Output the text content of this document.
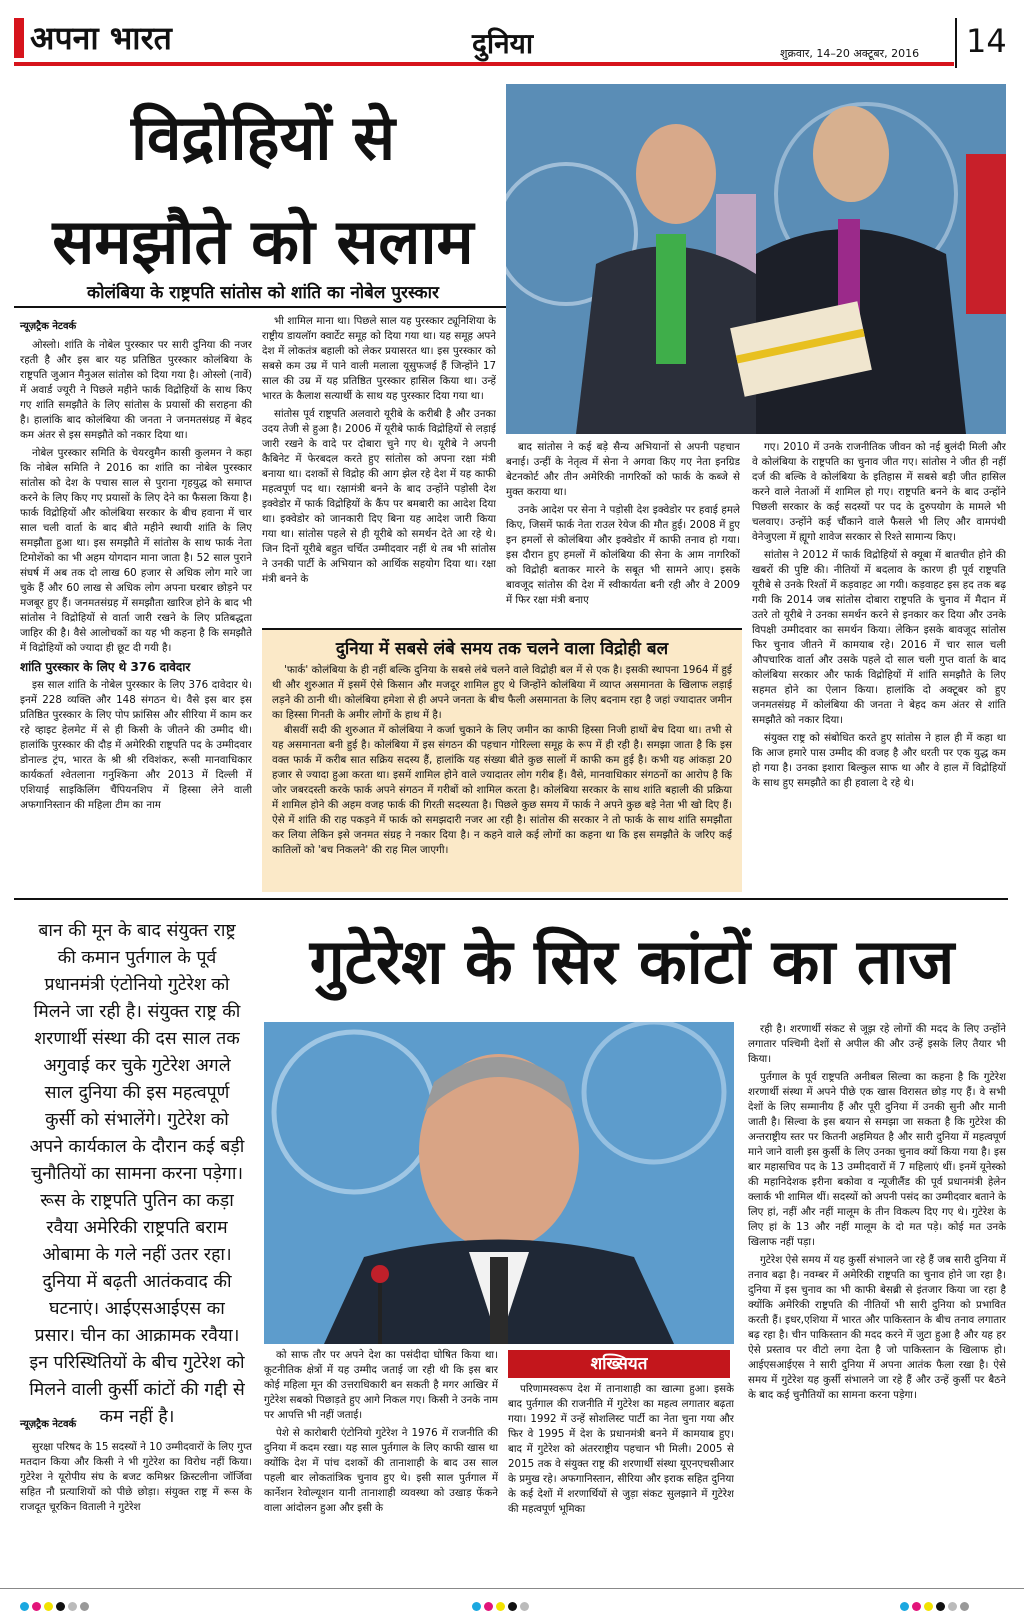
अपना भारत	दुनिया	शुक्रवार, 14–20 अक्टूबर, 2016 14
विद्रोहियों से
समझौते को सलाम
कोलंबिया के राष्ट्रपति सांतोस को शांति का नोबेल पुरस्कार
न्यूज़ट्रैक नेटवर्क

ओस्लो। शांति के नोबेल पुरस्कार पर सारी दुनिया की नजर रहती है और इस बार यह प्रतिष्ठित पुरस्कार कोलंबिया के राष्ट्रपति जुआन मैनुअल सांतोस को दिया गया है। ओस्लो (नार्वे) में अवार्ड ज्यूरी ने पिछले महीने फार्क विद्रोहियों के साथ किए गए शांति समझौते के लिए सांतोस के प्रयासों की सराहना की है। हालांकि बाद कोलंबिया की जनता ने जनमतसंग्रह में बेहद कम अंतर से इस समझौते को नकार दिया था।

नोबेल पुरस्कार समिति के चेयरवुमैन कासी कुलमन ने कहा कि नोबेल समिति ने 2016 का शांति का नोबेल पुरस्कार सांतोस को देश के पचास साल से पुराना गृहयुद्ध को समाप्त करने के लिए किए गए प्रयासों के लिए देने का फैसला किया है। फार्क विद्रोहियों और कोलंबिया सरकार के बीच हवाना में चार साल चली वार्ता के बाद बीते महीने स्थायी शांति के लिए समझौता हुआ था। इस समझौते में सांतोस के साथ फार्क नेता टिमोशेंको का भी अहम योगदान माना जाता है। 52 साल पुराने संघर्ष में अब तक दो लाख 60 हजार से अधिक लोग मारे जा चुके हैं और 60 लाख से अधिक लोग अपना घरबार छोड़ने पर मजबूर हुए हैं। जनमतसंग्रह में समझौता खारिज होने के बाद भी सांतोस ने विद्रोहियों से वार्ता जारी रखने के लिए प्रतिबद्धता जाहिर की है। वैसे आलोचकों का यह भी कहना है कि समझौते में विद्रोहियों को ज्यादा ही छूट दी गयी है।

शांति पुरस्कार के लिए थे 376 दावेदार

इस साल शांति के नोबेल पुरस्कार के लिए 376 दावेदार थे। इनमें 228 व्यक्ति और 148 संगठन थे। वैसे इस बार इस प्रतिष्ठित पुरस्कार के लिए पोप फ्रांसिस और सीरिया में काम कर रहे व्हाइट हेलमेट में से ही किसी के जीतने की उम्मीद थी। हालांकि पुरस्कार की दौड़ में अमेरिकी राष्ट्रपति पद के उम्मीदवार डोनाल्ड ट्रंप, भारत के श्री श्री रविशंकर, रूसी मानवाधिकार कार्यकर्ता श्वेतलाना गनुश्किना और 2013 में दिल्ली में एशियाई साइकिलिंग चैंपियनशिप में हिस्सा लेने वाली अफगानिस्तान की महिला टीम का नाम

भी शामिल माना था। पिछले साल यह पुरस्कार ट्यूनिशिया के राष्ट्रीय डायलॉग क्वार्टेट समूह को दिया गया था। यह समूह अपने देश में लोकतंत्र बहाली को लेकर प्रयासरत था। इस पुरस्कार को सबसे कम उम्र में पाने वाली मलाला यूसुफजई हैं जिन्होंने 17 साल की उम्र में यह प्रतिष्ठित पुरस्कार हासिल किया था। उन्हें भारत के कैलाश सत्यार्थी के साथ यह पुरस्कार दिया गया था।

सांतोस पूर्व राष्ट्रपति अलवारो यूरीबे के करीबी है और उनका उदय तेजी से हुआ है। 2006 में यूरीबे फार्क विद्रोहियों से लड़ाई जारी रखने के वादे पर दोबारा चुने गए थे। यूरीबे ने अपनी कैबिनेट में फेरबदल करते हुए सांतोस को अपना रक्षा मंत्री बनाया था। दशकों से विद्रोह की आग झेल रहे देश में यह काफी महत्वपूर्ण पद था। रक्षामंत्री बनने के बाद उन्होंने पड़ोसी देश इक्वेडोर में फार्क विद्रोहियों के कैंप पर बमबारी का आदेश दिया था। इक्वेडोर को जानकारी दिए बिना यह आदेश जारी किया गया था। सांतोस पहले से ही यूरीबे को समर्थन देते आ रहे थे। जिन दिनों यूरीबे बहुत चर्चित उम्मीदवार नहीं थे तब भी सांतोस ने उनकी पार्टी के अभियान को आर्थिक सहयोग दिया था। रक्षा मंत्री बनने के

बाद सांतोस ने कई बड़े सैन्य अभियानों से अपनी पहचान बनाई। उन्हीं के नेतृत्व में सेना ने अगवा किए गए नेता इनग्रिड बेटनकोर्ट और तीन अमेरिकी नागरिकों को फार्क के कब्जे से मुक्त कराया था।

उनके आदेश पर सेना ने पड़ोसी देश इक्वेडोर पर हवाई हमले किए, जिसमें फार्क नेता राउल रेयेज की मौत हुई। 2008 में हुए इन हमलों से कोलंबिया और इक्वेडोर में काफी तनाव हो गया। इस दौरान हुए हमलों में कोलंबिया की सेना के आम नागरिकों को विद्रोही बताकर मारने के सबूत भी सामने आए। इसके बावजूद सांतोस की देश में स्वीकार्यता बनी रही और वे 2009 में फिर रक्षा मंत्री बनाए

गए। 2010 में उनके राजनीतिक जीवन को नई बुलंदी मिली और वे कोलंबिया के राष्ट्रपति का चुनाव जीत गए। सांतोस ने जीत ही नहीं दर्ज की बल्कि वे कोलंबिया के इतिहास में सबसे बड़ी जीत हासिल करने वाले नेताओं में शामिल हो गए। राष्ट्रपति बनने के बाद उन्होंने पिछली सरकार के कई सदस्यों पर पद के दुरुपयोग के मामले भी चलवाए। उन्होंने कई चौंकाने वाले फैसले भी लिए और वामपंथी वेनेजुएला में ह्यूगो शावेज सरकार से रिश्ते सामान्य किए।

सांतोस ने 2012 में फार्क विद्रोहियों से क्यूबा में बातचीत होने की खबरों की पुष्टि की। नीतियों में बदलाव के कारण ही पूर्व राष्ट्रपति यूरीबे से उनके रिश्तों में कड़वाहट आ गयी। कड़वाहट इस हद तक बढ़ गयी कि 2014 जब सांतोस दोबारा राष्ट्रपति के चुनाव में मैदान में उतरे तो यूरीबे ने उनका समर्थन करने से इनकार कर दिया और उनके विपक्षी उम्मीदवार का समर्थन किया। लेकिन इसके बावजूद सांतोस फिर चुनाव जीतने में कामयाब रहे। 2016 में चार साल चली औपचारिक वार्ता और उसके पहले दो साल चली गुप्त वार्ता के बाद कोलंबिया सरकार और फार्क विद्रोहियों में शांति समझौते के लिए सहमत होने का ऐलान किया। हालांकि दो अक्टूबर को हुए जनमतसंग्रह में कोलंबिया की जनता ने बेहद कम अंतर से शांति समझौते को नकार दिया।

संयुक्त राष्ट्र को संबोधित करते हुए सांतोस ने हाल ही में कहा था कि आज हमारे पास उम्मीद की वजह है और धरती पर एक युद्ध कम हो गया है। उनका इशारा बिल्कुल साफ था और वे हाल में विद्रोहियों के साथ हुए समझौते का ही हवाला दे रहे थे।

दुनिया में सबसे लंबे समय तक चलने वाला विद्रोही बल

'फार्क' कोलंबिया के ही नहीं बल्कि दुनिया के सबसे लंबे चलने वाले विद्रोही बल में से एक है। इसकी स्थापना 1964 में हुई थी और शुरुआत में इसमें ऐसे किसान और मजदूर शामिल हुए थे जिन्होंने कोलंबिया में व्याप्त असमानता के खिलाफ लड़ाई लड़ने की ठानी थी। कोलंबिया हमेशा से ही अपने जनता के बीच फैली असमानता के लिए बदनाम रहा है जहां ज्यादातर जमीन का हिस्सा गिनती के अमीर लोगों के हाथ में है।

बीसवीं सदी की शुरुआत में कोलंबिया ने कर्जा चुकाने के लिए जमीन का काफी हिस्सा निजी हाथों बेच दिया था। तभी से यह असमानता बनी हुई है। कोलंबिया में इस संगठन की पहचान गोरिल्ला समूह के रूप में ही रही है। समझा जाता है कि इस वक्त फार्क में करीब सात सक्रिय सदस्य हैं, हालांकि यह संख्या बीते कुछ सालों में काफी कम हुई है। कभी यह आंकड़ा 20 हजार से ज्यादा हुआ करता था। इसमें शामिल होने वाले ज्यादातर लोग गरीब हैं। वैसे, मानवाधिकार संगठनों का आरोप है कि जोर जबरदस्ती करके फार्क अपने संगठन में गरीबों को शामिल करता है। कोलंबिया सरकार के साथ शांति बहाली की प्रक्रिया में शामिल होने की अहम वजह फार्क की गिरती सदस्यता है। पिछले कुछ समय में फार्क ने अपने कुछ बड़े नेता भी खो दिए हैं। ऐसे में शांति की राह पकड़ने में फार्क को समझदारी नजर आ रही है। सांतोस की सरकार ने तो फार्क के साथ शांति समझौता कर लिया लेकिन इसे जनमत संग्रह ने नकार दिया है। न कहने वाले कई लोगों का कहना था कि इस समझौते के जरिए कई कातिलों को 'बच निकलने' की राह मिल जाएगी।

बान की मून के बाद संयुक्त राष्ट्र की कमान पुर्तगाल के पूर्व प्रधानमंत्री एंटोनियो गुटेरेश को मिलने जा रही है। संयुक्त राष्ट्र की शरणार्थी संस्था की दस साल तक अगुवाई कर चुके गुटेरेश अगले साल दुनिया की इस महत्वपूर्ण कुर्सी को संभालेंगे। गुटेरेश को अपने कार्यकाल के दौरान कई बड़ी चुनौतियों का सामना करना पड़ेगा। रूस के राष्ट्रपति पुतिन का कड़ा रवैया अमेरिकी राष्ट्रपति बराम ओबामा के गले नहीं उतर रहा। दुनिया में बढ़ती आतंकवाद की घटनाएं। आईएसआईएस का प्रसार। चीन का आक्रामक रवैया। इन परिस्थितियों के बीच गुटेरेश को मिलने वाली कुर्सी कांटों की गद्दी से कम नहीं है।
गुटेरेश के सिर कांटों का ताज
शख्सियत
न्यूज़ट्रैक नेटवर्क

सुरक्षा परिषद के 15 सदस्यों ने 10 उम्मीदवारों के लिए गुप्त मतदान किया और किसी ने भी गुटेरेश का विरोध नहीं किया। गुटेरेश ने यूरोपीय संघ के बजट कमिश्नर क्रिस्टलीना जॉर्जिवा सहित नौ प्रत्याशियों को पीछे छोड़ा। संयुक्त राष्ट्र में रूस के राजदूत चूरकिन विताली ने गुटेरेश

को साफ तौर पर अपने देश का पसंदीदा घोषित किया था। कूटनीतिक क्षेत्रों में यह उम्मीद जताई जा रही थी कि इस बार कोई महिला मून की उत्तराधिकारी बन सकती है मगर आखिर में गुटेरेश सबको पिछाड़ते हुए आगे निकल गए। किसी ने उनके नाम पर आपत्ति भी नहीं जताई।

पेशे से कारोबारी एंटोनियो गुटेरेश ने 1976 में राजनीति की दुनिया में कदम रखा। यह साल पुर्तगाल के लिए काफी खास था क्योंकि देश में पांच दशकों की तानाशाही के बाद उस साल पहली बार लोकतांत्रिक चुनाव हुए थे। इसी साल पुर्तगाल में कार्नेशन रेवोल्यूशन यानी तानाशाही व्यवस्था को उखाड़ फेंकने वाला आंदोलन हुआ और इसी के

परिणामस्वरूप देश में तानाशाही का खात्मा हुआ। इसके बाद पुर्तगाल की राजनीति में गुटेरेश का महत्व लगातार बढ़ता गया। 1992 में उन्हें सोशलिस्ट पार्टी का नेता चुना गया और फिर वे 1995 में देश के प्रधानमंत्री बनने में कामयाब हुए। बाद में गुटेरेश को अंतरराष्ट्रीय पहचान भी मिली। 2005 से 2015 तक वे संयुक्त राष्ट्र की शरणार्थी संस्था यूएनएचसीआर के प्रमुख रहे। अफगानिस्तान, सीरिया और इराक सहित दुनिया के कई देशों में शरणार्थियों से जुड़ा संकट सुलझाने में गुटेरेश की महत्वपूर्ण भूमिका

रही है। शरणार्थी संकट से जूझ रहे लोगों की मदद के लिए उन्होंने लगातार पश्चिमी देशों से अपील की और उन्हें इसके लिए तैयार भी किया।

पुर्तगाल के पूर्व राष्ट्रपति अनीबल सिल्वा का कहना है कि गुटेरेश शरणार्थी संस्था में अपने पीछे एक खास विरासत छोड़ गए हैं। वे सभी देशों के लिए सम्मानीय हैं और पूरी दुनिया में उनकी सुनी और मानी जाती है। सिल्वा के इस बयान से समझा जा सकता है कि गुटेरेश की अन्तराष्ट्रीय स्तर पर कितनी अहमियत है और सारी दुनिया में महत्वपूर्ण माने जाने वाली इस कुर्सी के लिए उनका चुनाव क्यों किया गया है। इस बार महासचिव पद के 13 उम्मीदवारों में 7 महिलाएं थीं। इनमें यूनेस्को की महानिदेशक इरीना बकोवा व न्यूजीलैंड की पूर्व प्रधानमंत्री हेलेन क्लार्क भी शामिल थीं। सदस्यों को अपनी पसंद का उम्मीदवार बताने के लिए हां, नहीं और नहीं मालूम के तीन विकल्प दिए गए थे। गुटेरेश के लिए हां के 13 और नहीं मालूम के दो मत पड़े। कोई मत उनके खिलाफ नहीं पड़ा।

गुटेरेश ऐसे समय में यह कुर्सी संभालने जा रहे हैं जब सारी दुनिया में तनाव बढ़ा है। नवम्बर में अमेरिकी राष्ट्रपति का चुनाव होने जा रहा है। दुनिया में इस चुनाव का भी काफी बेसब्री से इंतजार किया जा रहा है क्योंकि अमेरिकी राष्ट्रपति की नीतियों भी सारी दुनिया को प्रभावित करती हैं। इधर,एशिया में भारत और पाकिस्तान के बीच तनाव लगातार बढ़ रहा है। चीन पाकिस्तान की मदद करने में जुटा हुआ है और यह हर ऐसे प्रस्ताव पर वीटो लगा देता है जो पाकिस्तान के खिलाफ हो। आईएसआईएस ने सारी दुनिया में अपना आतंक फैला रखा है। ऐसे समय में गुटेरेश यह कुर्सी संभालने जा रहे हैं और उन्हें कुर्सी पर बैठने के बाद कई चुनौतियों का सामना करना पड़ेगा।
